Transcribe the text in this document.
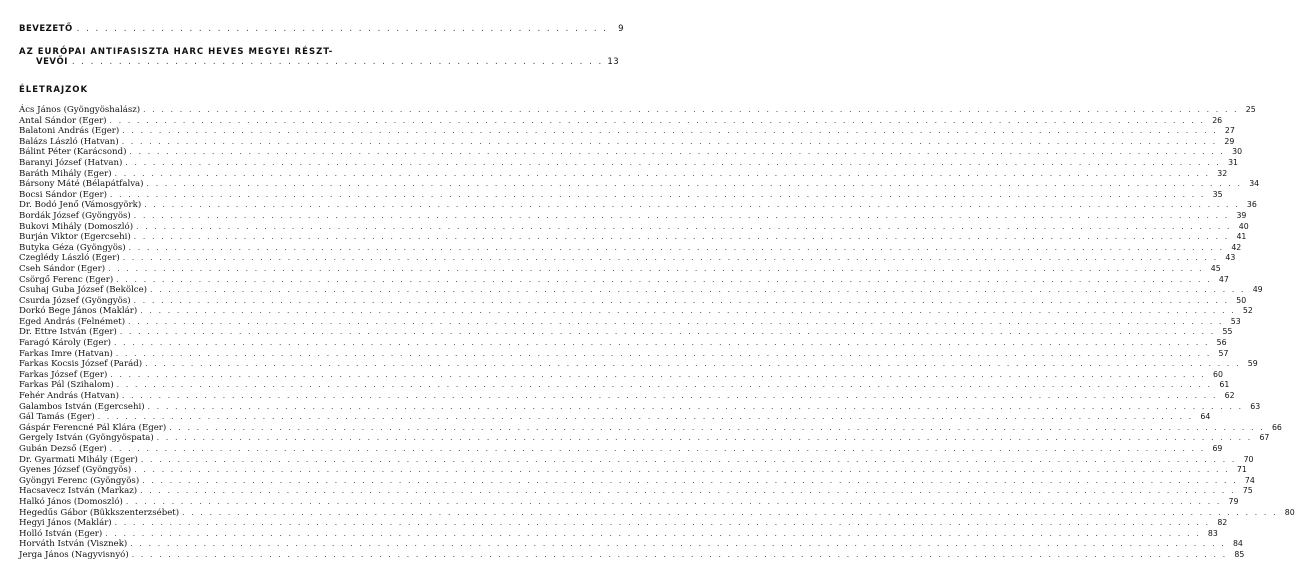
BEVEZETŐ . . . . . . . . . . . . . . . . . . . . . . . . . . . . . . . . . . . . . . . . . . . . . . . . . . . . . . . . .	9
AZ EURÓPAI ANTIFASISZTA HARC HEVES MEGYEI RÉSZT-
VEVŐI . . . . . . . . . . . . . . . . . . . . . . . . . . . . . . . . . . . . . . . . . . . . . . . . . . . . . . . . . 13
ÉLETRAJZOK
Ács János (Gyöngyöshalász) . . . . . . . . . . . . . . . . . . . . . . . . . . . . . . . . . . . . . . . . . . . . . . . . . . . . . . . . . . . . . . . . . . . . . . . . . . . . . . . . . . . . . . . . . . . . . . . . . . . . . . . . . . . . . . . . . . . . . . . . 25
Antal Sándor (Eger) . . . . . . . . . . . . . . . . . . . . . . . . . . . . . . . . . . . . . . . . . . . . . . . . . . . . . . . . . . . . . . . . . . . . . . . . . . . . . . . . . . . . . . . . . . . . . . . . . . . . . . . . . . . . . . . . . . . . . . . . 26
Balatoni András (Eger) . . . . . . . . . . . . . . . . . . . . . . . . . . . . . . . . . . . . . . . . . . . . . . . . . . . . . . . . . . . . . . . . . . . . . . . . . . . . . . . . . . . . . . . . . . . . . . . . . . . . . . . . . . . . . . . . . . . . . . . . 27
Balázs László (Hatvan) . . . . . . . . . . . . . . . . . . . . . . . . . . . . . . . . . . . . . . . . . . . . . . . . . . . . . . . . . . . . . . . . . . . . . . . . . . . . . . . . . . . . . . . . . . . . . . . . . . . . . . . . . . . . . . . . . . . . . . . . 29
Bálint Péter (Karácsond) . . . . . . . . . . . . . . . . . . . . . . . . . . . . . . . . . . . . . . . . . . . . . . . . . . . . . . . . . . . . . . . . . . . . . . . . . . . . . . . . . . . . . . . . . . . . . . . . . . . . . . . . . . . . . . . . . . . . . . . . 30
Baranyi József (Hatvan) . . . . . . . . . . . . . . . . . . . . . . . . . . . . . . . . . . . . . . . . . . . . . . . . . . . . . . . . . . . . . . . . . . . . . . . . . . . . . . . . . . . . . . . . . . . . . . . . . . . . . . . . . . . . . . . . . . . . . . . . 31
Baráth Mihály (Eger) . . . . . . . . . . . . . . . . . . . . . . . . . . . . . . . . . . . . . . . . . . . . . . . . . . . . . . . . . . . . . . . . . . . . . . . . . . . . . . . . . . . . . . . . . . . . . . . . . . . . . . . . . . . . . . . . . . . . . . . . 32
Bársony Máté (Bélapátfalva) . . . . . . . . . . . . . . . . . . . . . . . . . . . . . . . . . . . . . . . . . . . . . . . . . . . . . . . . . . . . . . . . . . . . . . . . . . . . . . . . . . . . . . . . . . . . . . . . . . . . . . . . . . . . . . . . . . . . . . . . 34
Bocsi Sándor (Eger) . . . . . . . . . . . . . . . . . . . . . . . . . . . . . . . . . . . . . . . . . . . . . . . . . . . . . . . . . . . . . . . . . . . . . . . . . . . . . . . . . . . . . . . . . . . . . . . . . . . . . . . . . . . . . . . . . . . . . . . . 35
Dr. Bodó Jenő (Vámosgyörk) . . . . . . . . . . . . . . . . . . . . . . . . . . . . . . . . . . . . . . . . . . . . . . . . . . . . . . . . . . . . . . . . . . . . . . . . . . . . . . . . . . . . . . . . . . . . . . . . . . . . . . . . . . . . . . . . . . . . . . . . 36
Bordák József (Gyöngyös) . . . . . . . . . . . . . . . . . . . . . . . . . . . . . . . . . . . . . . . . . . . . . . . . . . . . . . . . . . . . . . . . . . . . . . . . . . . . . . . . . . . . . . . . . . . . . . . . . . . . . . . . . . . . . . . . . . . . . . . . 39
Bukovi Mihály (Domoszló) . . . . . . . . . . . . . . . . . . . . . . . . . . . . . . . . . . . . . . . . . . . . . . . . . . . . . . . . . . . . . . . . . . . . . . . . . . . . . . . . . . . . . . . . . . . . . . . . . . . . . . . . . . . . . . . . . . . . . . . . 40
Burján Viktor (Egercsehi) . . . . . . . . . . . . . . . . . . . . . . . . . . . . . . . . . . . . . . . . . . . . . . . . . . . . . . . . . . . . . . . . . . . . . . . . . . . . . . . . . . . . . . . . . . . . . . . . . . . . . . . . . . . . . . . . . . . . . . . . 41
Butyka Géza (Gyöngyös) . . . . . . . . . . . . . . . . . . . . . . . . . . . . . . . . . . . . . . . . . . . . . . . . . . . . . . . . . . . . . . . . . . . . . . . . . . . . . . . . . . . . . . . . . . . . . . . . . . . . . . . . . . . . . . . . . . . . . . . . 42
Czeglédy László (Eger) . . . . . . . . . . . . . . . . . . . . . . . . . . . . . . . . . . . . . . . . . . . . . . . . . . . . . . . . . . . . . . . . . . . . . . . . . . . . . . . . . . . . . . . . . . . . . . . . . . . . . . . . . . . . . . . . . . . . . . . . 43
Cseh Sándor (Eger) . . . . . . . . . . . . . . . . . . . . . . . . . . . . . . . . . . . . . . . . . . . . . . . . . . . . . . . . . . . . . . . . . . . . . . . . . . . . . . . . . . . . . . . . . . . . . . . . . . . . . . . . . . . . . . . . . . . . . . . . 45
Csörgő Ferenc (Eger) . . . . . . . . . . . . . . . . . . . . . . . . . . . . . . . . . . . . . . . . . . . . . . . . . . . . . . . . . . . . . . . . . . . . . . . . . . . . . . . . . . . . . . . . . . . . . . . . . . . . . . . . . . . . . . . . . . . . . . . . 47
Csuhaj Guba József (Bekölce) . . . . . . . . . . . . . . . . . . . . . . . . . . . . . . . . . . . . . . . . . . . . . . . . . . . . . . . . . . . . . . . . . . . . . . . . . . . . . . . . . . . . . . . . . . . . . . . . . . . . . . . . . . . . . . . . . . . . . . . . 49
Csurda József (Gyöngyös) . . . . . . . . . . . . . . . . . . . . . . . . . . . . . . . . . . . . . . . . . . . . . . . . . . . . . . . . . . . . . . . . . . . . . . . . . . . . . . . . . . . . . . . . . . . . . . . . . . . . . . . . . . . . . . . . . . . . . . . . 50
Dorkó Bege János (Maklár) . . . . . . . . . . . . . . . . . . . . . . . . . . . . . . . . . . . . . . . . . . . . . . . . . . . . . . . . . . . . . . . . . . . . . . . . . . . . . . . . . . . . . . . . . . . . . . . . . . . . . . . . . . . . . . . . . . . . . . . . 52
Eged András (Felnémet) . . . . . . . . . . . . . . . . . . . . . . . . . . . . . . . . . . . . . . . . . . . . . . . . . . . . . . . . . . . . . . . . . . . . . . . . . . . . . . . . . . . . . . . . . . . . . . . . . . . . . . . . . . . . . . . . . . . . . . . . 53
Dr. Ettre István (Eger) . . . . . . . . . . . . . . . . . . . . . . . . . . . . . . . . . . . . . . . . . . . . . . . . . . . . . . . . . . . . . . . . . . . . . . . . . . . . . . . . . . . . . . . . . . . . . . . . . . . . . . . . . . . . . . . . . . . . . . . . 55
Faragó Károly (Eger) . . . . . . . . . . . . . . . . . . . . . . . . . . . . . . . . . . . . . . . . . . . . . . . . . . . . . . . . . . . . . . . . . . . . . . . . . . . . . . . . . . . . . . . . . . . . . . . . . . . . . . . . . . . . . . . . . . . . . . . . 56
Farkas Imre (Hatvan) . . . . . . . . . . . . . . . . . . . . . . . . . . . . . . . . . . . . . . . . . . . . . . . . . . . . . . . . . . . . . . . . . . . . . . . . . . . . . . . . . . . . . . . . . . . . . . . . . . . . . . . . . . . . . . . . . . . . . . . . 57
Farkas Kocsis József (Parád) . . . . . . . . . . . . . . . . . . . . . . . . . . . . . . . . . . . . . . . . . . . . . . . . . . . . . . . . . . . . . . . . . . . . . . . . . . . . . . . . . . . . . . . . . . . . . . . . . . . . . . . . . . . . . . . . . . . . . . . . 59
Farkas József (Eger) . . . . . . . . . . . . . . . . . . . . . . . . . . . . . . . . . . . . . . . . . . . . . . . . . . . . . . . . . . . . . . . . . . . . . . . . . . . . . . . . . . . . . . . . . . . . . . . . . . . . . . . . . . . . . . . . . . . . . . . . 60
Farkas Pál (Szihalom) . . . . . . . . . . . . . . . . . . . . . . . . . . . . . . . . . . . . . . . . . . . . . . . . . . . . . . . . . . . . . . . . . . . . . . . . . . . . . . . . . . . . . . . . . . . . . . . . . . . . . . . . . . . . . . . . . . . . . . . . 61
Fehér András (Hatvan) . . . . . . . . . . . . . . . . . . . . . . . . . . . . . . . . . . . . . . . . . . . . . . . . . . . . . . . . . . . . . . . . . . . . . . . . . . . . . . . . . . . . . . . . . . . . . . . . . . . . . . . . . . . . . . . . . . . . . . . . 62
Galambos István (Egercsehi) . . . . . . . . . . . . . . . . . . . . . . . . . . . . . . . . . . . . . . . . . . . . . . . . . . . . . . . . . . . . . . . . . . . . . . . . . . . . . . . . . . . . . . . . . . . . . . . . . . . . . . . . . . . . . . . . . . . . . . . . 63
Gál Tamás (Eger) . . . . . . . . . . . . . . . . . . . . . . . . . . . . . . . . . . . . . . . . . . . . . . . . . . . . . . . . . . . . . . . . . . . . . . . . . . . . . . . . . . . . . . . . . . . . . . . . . . . . . . . . . . . . . . . . . . . . . . . . 64
Gáspár Ferencné Pál Klára (Eger) . . . . . . . . . . . . . . . . . . . . . . . . . . . . . . . . . . . . . . . . . . . . . . . . . . . . . . . . . . . . . . . . . . . . . . . . . . . . . . . . . . . . . . . . . . . . . . . . . . . . . . . . . . . . . . . . . . . . . . . . 66
Gergely István (Gyöngyöspata) . . . . . . . . . . . . . . . . . . . . . . . . . . . . . . . . . . . . . . . . . . . . . . . . . . . . . . . . . . . . . . . . . . . . . . . . . . . . . . . . . . . . . . . . . . . . . . . . . . . . . . . . . . . . . . . . . . . . . . . . 67
Gubán Dezső (Eger) . . . . . . . . . . . . . . . . . . . . . . . . . . . . . . . . . . . . . . . . . . . . . . . . . . . . . . . . . . . . . . . . . . . . . . . . . . . . . . . . . . . . . . . . . . . . . . . . . . . . . . . . . . . . . . . . . . . . . . . . 69
Dr. Gyarmati Mihály (Eger) . . . . . . . . . . . . . . . . . . . . . . . . . . . . . . . . . . . . . . . . . . . . . . . . . . . . . . . . . . . . . . . . . . . . . . . . . . . . . . . . . . . . . . . . . . . . . . . . . . . . . . . . . . . . . . . . . . . . . . . . 70
Gyenes József (Gyöngyös) . . . . . . . . . . . . . . . . . . . . . . . . . . . . . . . . . . . . . . . . . . . . . . . . . . . . . . . . . . . . . . . . . . . . . . . . . . . . . . . . . . . . . . . . . . . . . . . . . . . . . . . . . . . . . . . . . . . . . . . . 71
Gyöngyi Ferenc (Gyöngyös) . . . . . . . . . . . . . . . . . . . . . . . . . . . . . . . . . . . . . . . . . . . . . . . . . . . . . . . . . . . . . . . . . . . . . . . . . . . . . . . . . . . . . . . . . . . . . . . . . . . . . . . . . . . . . . . . . . . . . . . . 74
Hacsavecz István (Markaz) . . . . . . . . . . . . . . . . . . . . . . . . . . . . . . . . . . . . . . . . . . . . . . . . . . . . . . . . . . . . . . . . . . . . . . . . . . . . . . . . . . . . . . . . . . . . . . . . . . . . . . . . . . . . . . . . . . . . . . . . 75
Halkó János (Domoszló) . . . . . . . . . . . . . . . . . . . . . . . . . . . . . . . . . . . . . . . . . . . . . . . . . . . . . . . . . . . . . . . . . . . . . . . . . . . . . . . . . . . . . . . . . . . . . . . . . . . . . . . . . . . . . . . . . . . . . . . . 79
Hegedűs Gábor (Bükkszenterzsébet) . . . . . . . . . . . . . . . . . . . . . . . . . . . . . . . . . . . . . . . . . . . . . . . . . . . . . . . . . . . . . . . . . . . . . . . . . . . . . . . . . . . . . . . . . . . . . . . . . . . . . . . . . . . . . . . . . . . . . . . . 80
Hegyi János (Maklár) . . . . . . . . . . . . . . . . . . . . . . . . . . . . . . . . . . . . . . . . . . . . . . . . . . . . . . . . . . . . . . . . . . . . . . . . . . . . . . . . . . . . . . . . . . . . . . . . . . . . . . . . . . . . . . . . . . . . . . . . 82
Holló István (Eger) . . . . . . . . . . . . . . . . . . . . . . . . . . . . . . . . . . . . . . . . . . . . . . . . . . . . . . . . . . . . . . . . . . . . . . . . . . . . . . . . . . . . . . . . . . . . . . . . . . . . . . . . . . . . . . . . . . . . . . . . 83
Horváth István (Visznek) . . . . . . . . . . . . . . . . . . . . . . . . . . . . . . . . . . . . . . . . . . . . . . . . . . . . . . . . . . . . . . . . . . . . . . . . . . . . . . . . . . . . . . . . . . . . . . . . . . . . . . . . . . . . . . . . . . . . . . . . 84
Jerga János (Nagyvisnyó) . . . . . . . . . . . . . . . . . . . . . . . . . . . . . . . . . . . . . . . . . . . . . . . . . . . . . . . . . . . . . . . . . . . . . . . . . . . . . . . . . . . . . . . . . . . . . . . . . . . . . . . . . . . . . . . . . . . . . . . . 85
